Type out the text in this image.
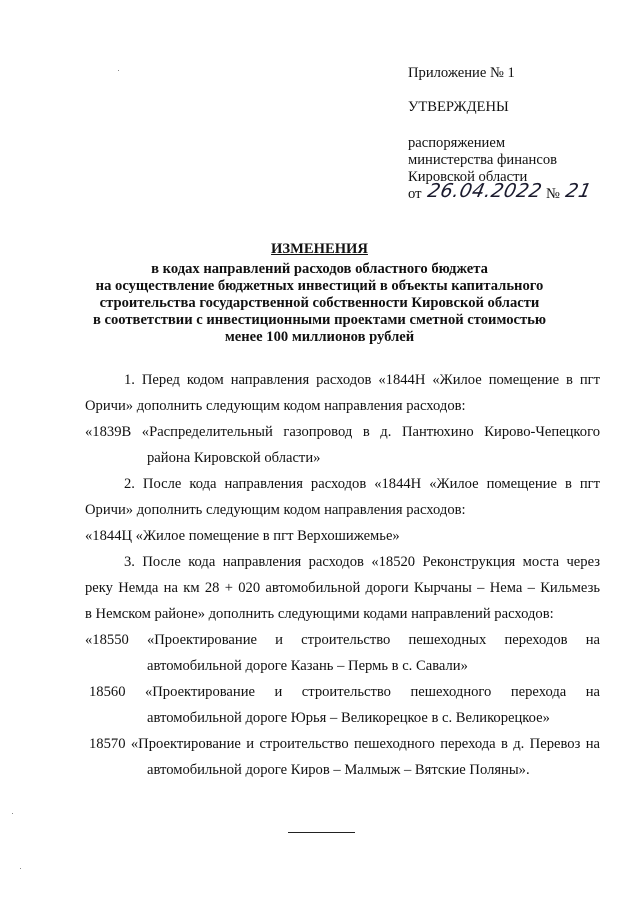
Приложение № 1
УТВЕРЖДЕНЫ
распоряжением
министерства финансов
Кировской области
от 26.04.2022 № 21
ИЗМЕНЕНИЯ
в кодах направлений расходов областного бюджета
на осуществление бюджетных инвестиций в объекты капитального
строительства государственной собственности Кировской области
в соответствии с инвестиционными проектами сметной стоимостью
менее 100 миллионов рублей
1. Перед кодом направления расходов «1844Н «Жилое помещение в пгт
Оричи» дополнить следующим кодом направления расходов:
«1839В «Распределительный газопровод в д. Пантюхино Кирово-Чепецкого
района Кировской области»
2. После кода направления расходов «1844Н «Жилое помещение в пгт
Оричи» дополнить следующим кодом направления расходов:
«1844Ц «Жилое помещение в пгт Верхошижемье»
3. После кода направления расходов «18520 Реконструкция моста через
реку Немда на км 28 + 020 автомобильной дороги Кырчаны – Нема – Кильмезь
в Немском районе» дополнить следующими кодами направлений расходов:
«18550 «Проектирование и строительство пешеходных переходов на
автомобильной дороге Казань – Пермь в с. Савали»
18560 «Проектирование и строительство пешеходного перехода на
автомобильной дороге Юрья – Великорецкое в с. Великорецкое»
18570 «Проектирование и строительство пешеходного перехода в д. Перевоз на
автомобильной дороге Киров – Малмыж – Вятские Поляны».
